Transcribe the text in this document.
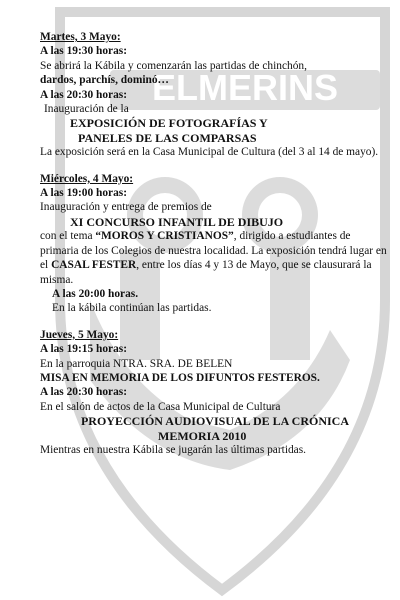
ELMERINS

Martes, 3 Mayo:

A las 19:30 horas:

Se abrirá la Kábila y comenzarán las partidas de chinchón,

dardos, parchís, dominó…

A las 20:30 horas:

Inauguración de la

EXPOSICIÓN DE FOTOGRAFÍAS Y

PANELES DE LAS COMPARSAS

La exposición será en la Casa Municipal de Cultura (del 3 al 14 de mayo).

Miércoles, 4 Mayo:

A las 19:00 horas:

Inauguración y entrega de premios de

XI CONCURSO INFANTIL DE DIBUJO

con el tema “MOROS Y CRISTIANOS”, dirigido a estudiantes de primaria de los Colegios de nuestra localidad. La exposición tendrá lugar en el CASAL FESTER, entre los días 4 y 13 de Mayo, que se clausurará la misma.

A las 20:00 horas.

En la kábila continúan las partidas.

Jueves, 5 Mayo:

A las 19:15 horas:

En la parroquia NTRA. SRA. DE BELEN

MISA EN MEMORIA DE LOS DIFUNTOS FESTEROS.

A las 20:30 horas:

En el salón de actos de la Casa Municipal de Cultura

PROYECCIÓN AUDIOVISUAL DE LA CRÓNICA

MEMORIA 2010

Mientras en nuestra Kábila se jugarán las últimas partidas.
